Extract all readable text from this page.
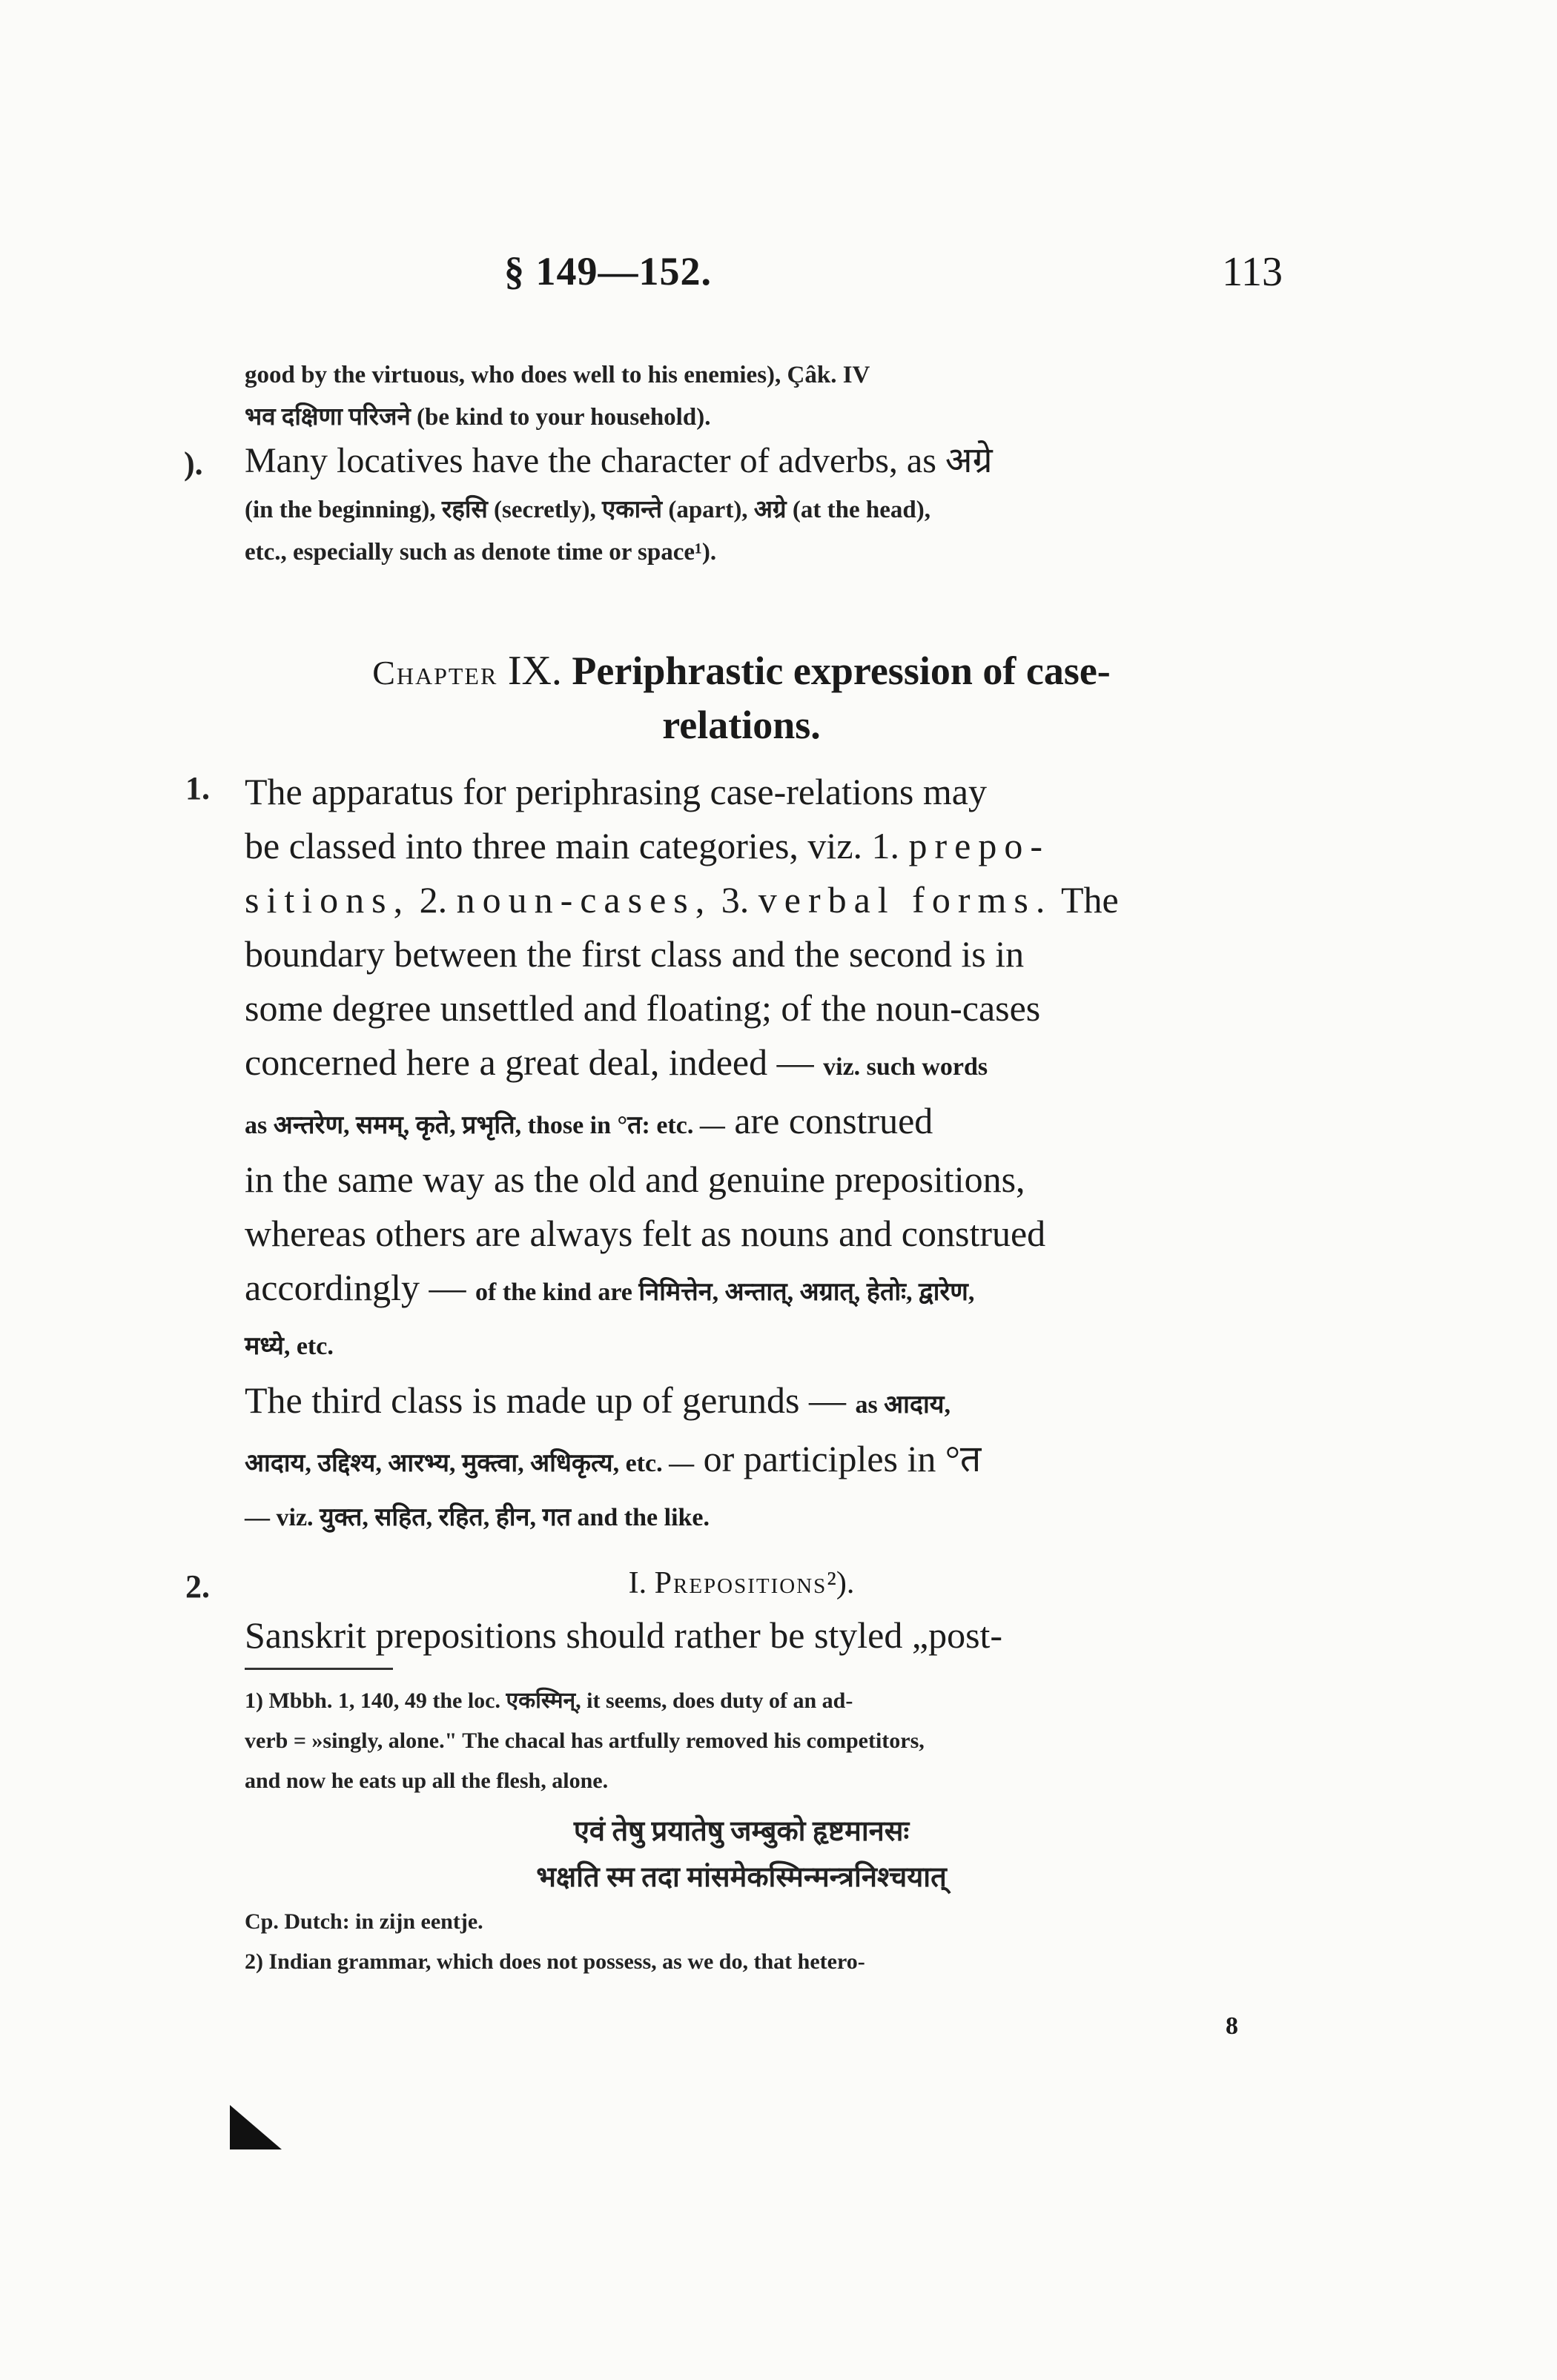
§ 149—152.	113
good by the virtuous, who does well to his enemies), Çâk. IV
भव दक्षिणा परिजने (be kind to your household).
). Many locatives have the character of adverbs, as अग्रे
(in the beginning), रहसि (secretly), एकान्ते (apart), अग्रे (at the head),
etc., especially such as denote time or space¹).
Chapter IX. Periphrastic expression of case-
relations.
1. The apparatus for periphrasing case-relations may
be classed into three main categories, viz. 1. prepo-
sitions, 2. noun-cases, 3. verbal forms. The
boundary between the first class and the second is in
some degree unsettled and floating; of the noun-cases
concerned here a great deal, indeed — viz. such words
as अन्तरेण, समम्, कृते, प्रभृति, those in °त: etc. — are construed
in the same way as the old and genuine prepositions,
whereas others are always felt as nouns and construed
accordingly — of the kind are निमित्तेन, अन्तात्, अग्रात्, हेतोः, द्वारेण,
मध्ये, etc.
The third class is made up of gerunds — as आदाय,
आदाय, उद्दिश्य, आरभ्य, मुक्त्वा, अधिकृत्य, etc. — or participles in °त
— viz. युक्त, सहित, रहित, हीन, गत and the like.
2.	I. Prepositions²).
Sanskrit prepositions should rather be styled „post-
1) Mbbh. 1, 140, 49 the loc. एकस्मिन्, it seems, does duty of an ad-
verb = »singly, alone." The chacal has artfully removed his competitors,
and now he eats up all the flesh, alone.
एवं तेषु प्रयातेषु जम्बुको हृष्टमानसः
भक्षति स्म तदा मांसमेकस्मिन्मन्त्रनिश्चयात्
Cp. Dutch: in zijn eentje.
2) Indian grammar, which does not possess, as we do, that hetero-
8
